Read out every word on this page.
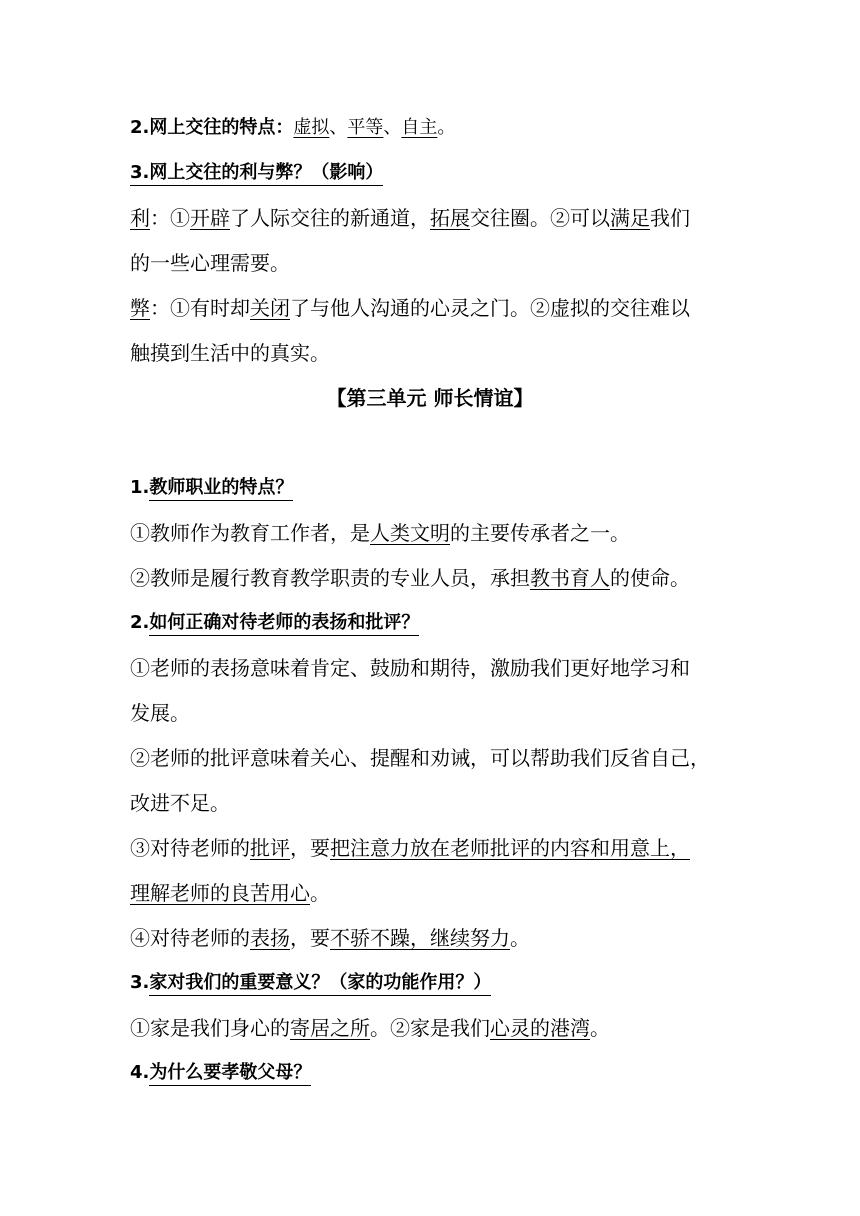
2.网上交往的特点：虚拟、平等、自主。
3.网上交往的利与弊？（影响）
利：①开辟了人际交往的新通道，拓展交往圈。②可以满足我们
的一些心理需要。
弊：①有时却关闭了与他人沟通的心灵之门。②虚拟的交往难以
触摸到生活中的真实。
【第三单元 师长情谊】
1.教师职业的特点？
①教师作为教育工作者，是人类文明的主要传承者之一。
②教师是履行教育教学职责的专业人员，承担教书育人的使命。
2.如何正确对待老师的表扬和批评？
①老师的表扬意味着肯定、鼓励和期待，激励我们更好地学习和
发展。
②老师的批评意味着关心、提醒和劝诫，可以帮助我们反省自己，
改进不足。
③对待老师的批评，要把注意力放在老师批评的内容和用意上，
理解老师的良苦用心。
④对待老师的表扬，要不骄不躁，继续努力。
3.家对我们的重要意义？（家的功能作用？）
①家是我们身心的寄居之所。②家是我们心灵的港湾。
4.为什么要孝敬父母？
